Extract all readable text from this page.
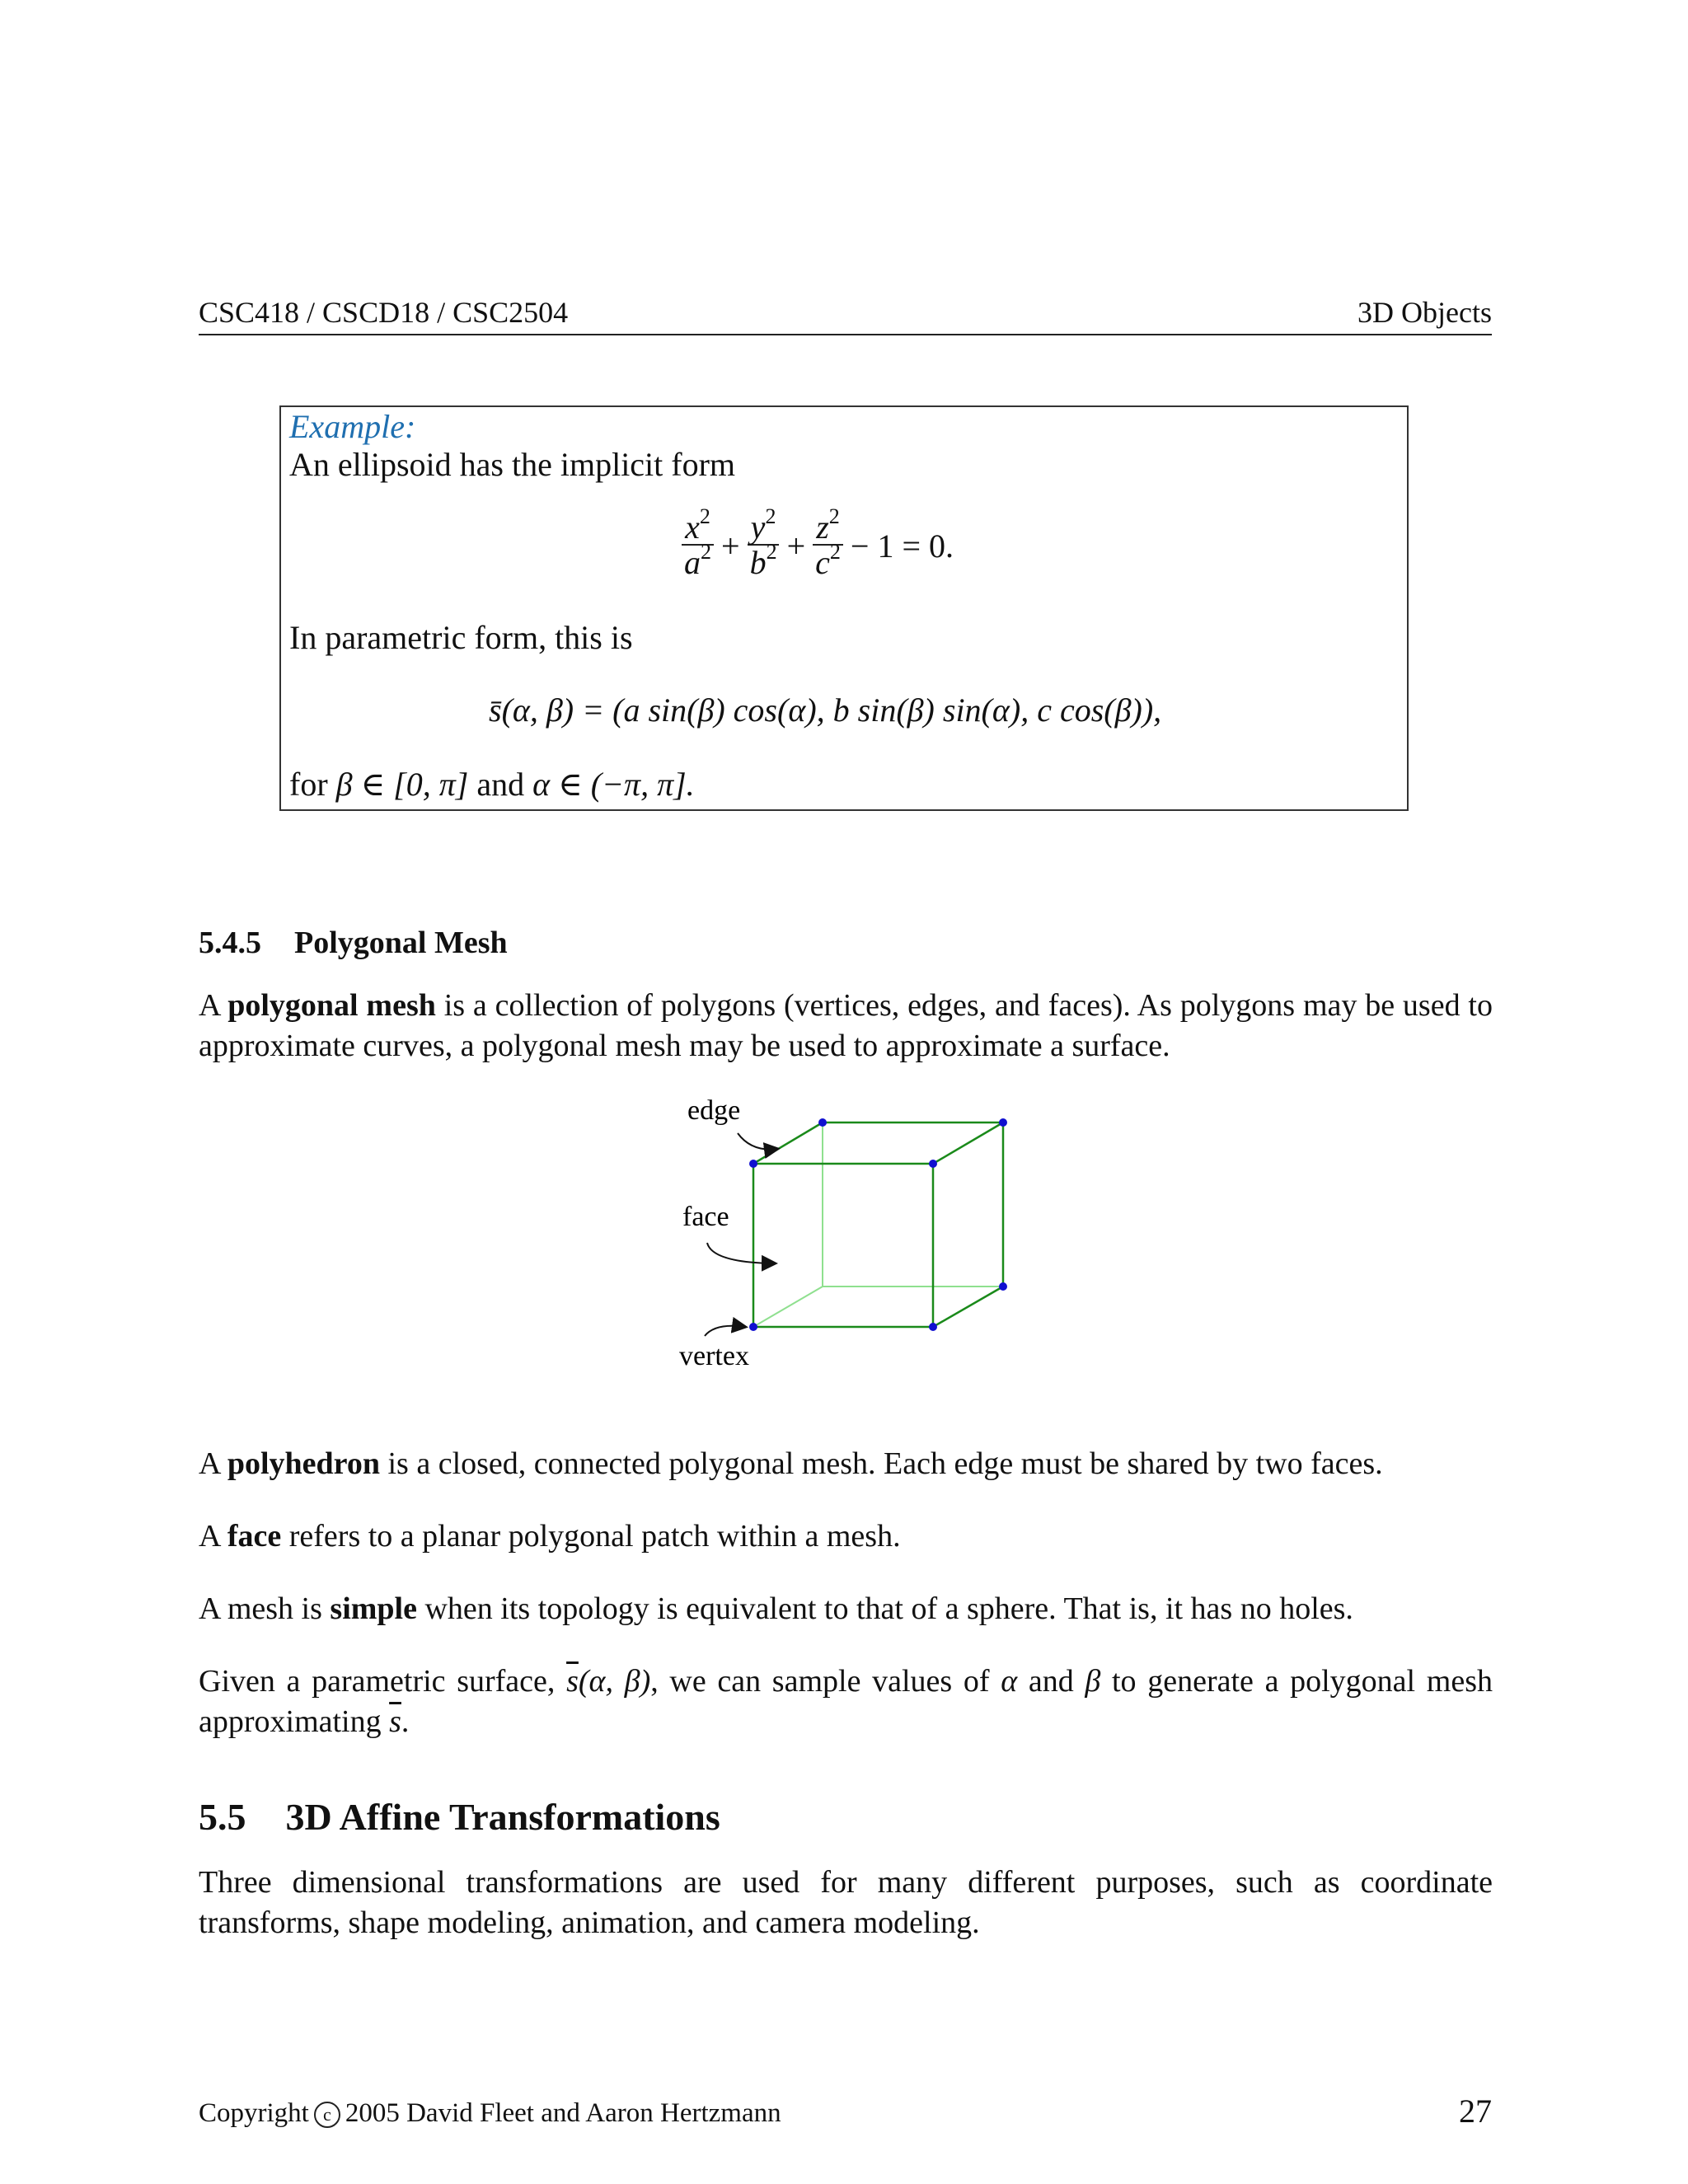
CSC418 / CSCD18 / CSC2504	3D Objects
Example:
An ellipsoid has the implicit form
$\frac{x^2}{a^2} + \frac{y^2}{b^2} + \frac{z^2}{c^2} - 1 = 0$.
In parametric form, this is
s̄(α, β) = (a sin(β) cos(α), b sin(β) sin(α), c cos(β)),
for β ∈ [0, π] and α ∈ (−π, π].
5.4.5 Polygonal Mesh
A polygonal mesh is a collection of polygons (vertices, edges, and faces). As polygons may be used to approximate curves, a polygonal mesh may be used to approximate a surface.
edge
face
vertex
A polyhedron is a closed, connected polygonal mesh. Each edge must be shared by two faces.
A face refers to a planar polygonal patch within a mesh.
A mesh is simple when its topology is equivalent to that of a sphere. That is, it has no holes.
Given a parametric surface, $\overline{s}(\alpha$, β), we can sample values of α and β to generate a polygonal mesh approximating $\overline{s}$.
5.5 3D Affine Transformations
Three dimensional transformations are used for many different purposes, such as coordinate transforms, shape modeling, animation, and camera modeling.
Copyright c 2005 David Fleet and Aaron Hertzmann	27
